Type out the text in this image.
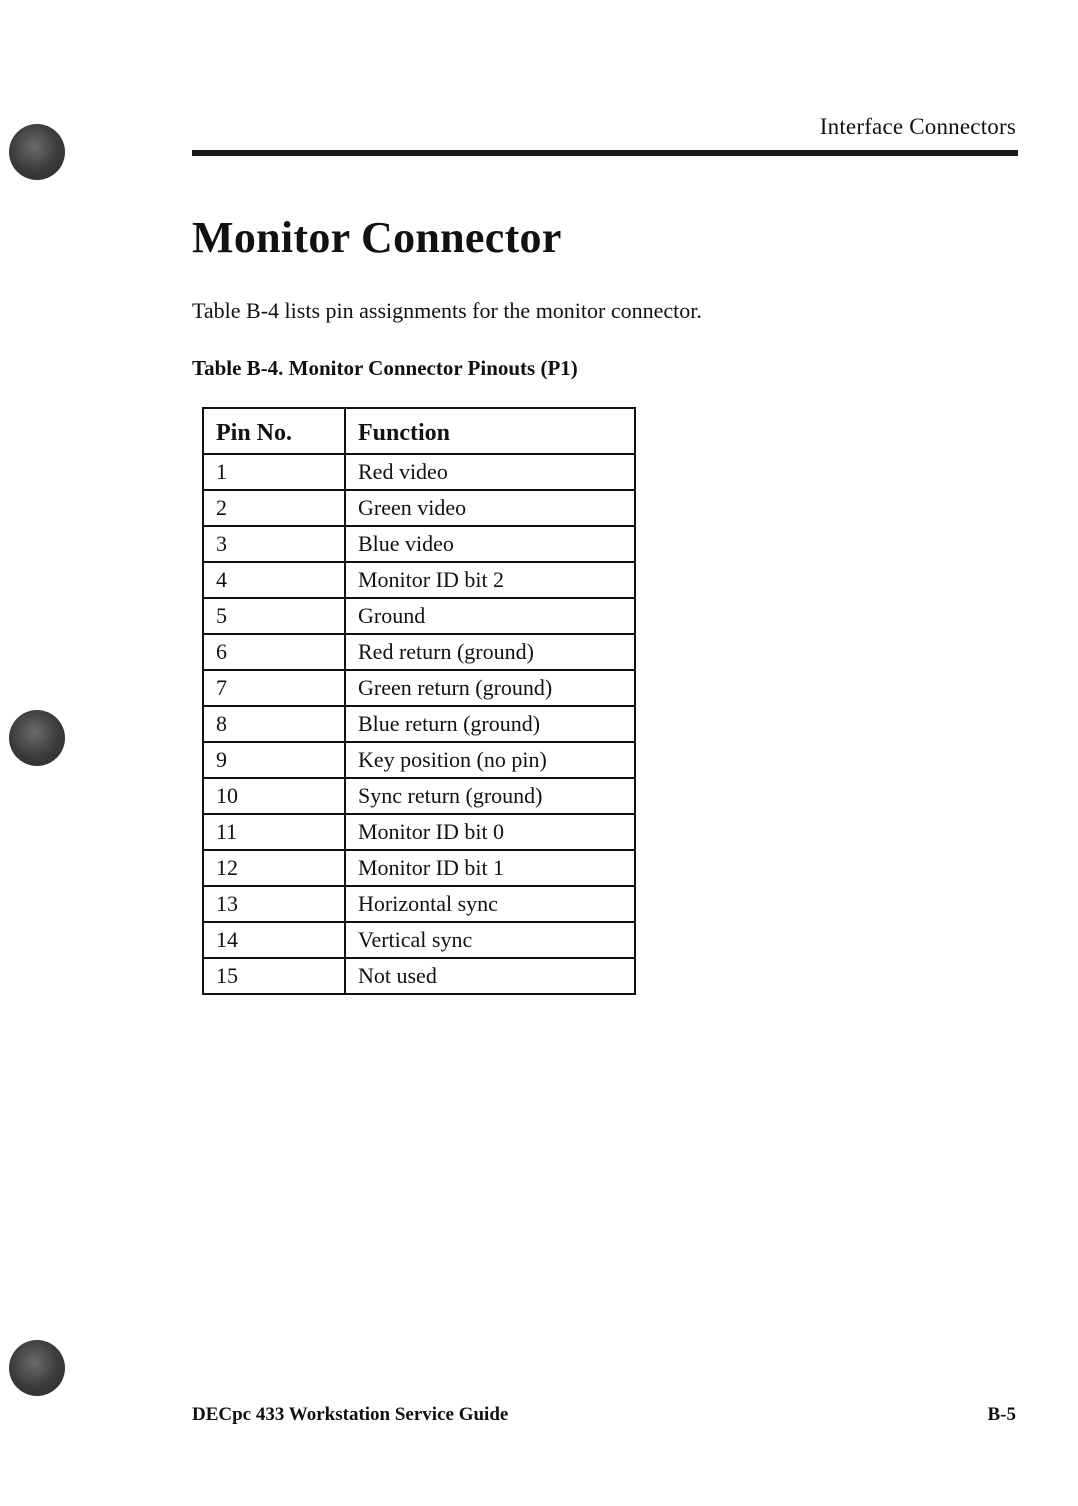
Interface Connectors
Monitor Connector

Table B-4 lists pin assignments for the monitor connector.

Table B-4. Monitor Connector Pinouts (P1)

Pin No.	Function
1	Red video
2	Green video
3	Blue video
4	Monitor ID bit 2
5	Ground
6	Red return (ground)
7	Green return (ground)
8	Blue return (ground)
9	Key position (no pin)
10	Sync return (ground)
11	Monitor ID bit 0
12	Monitor ID bit 1
13	Horizontal sync
14	Vertical sync
15	Not used
DECpc 433 Workstation Service Guide	B-5
